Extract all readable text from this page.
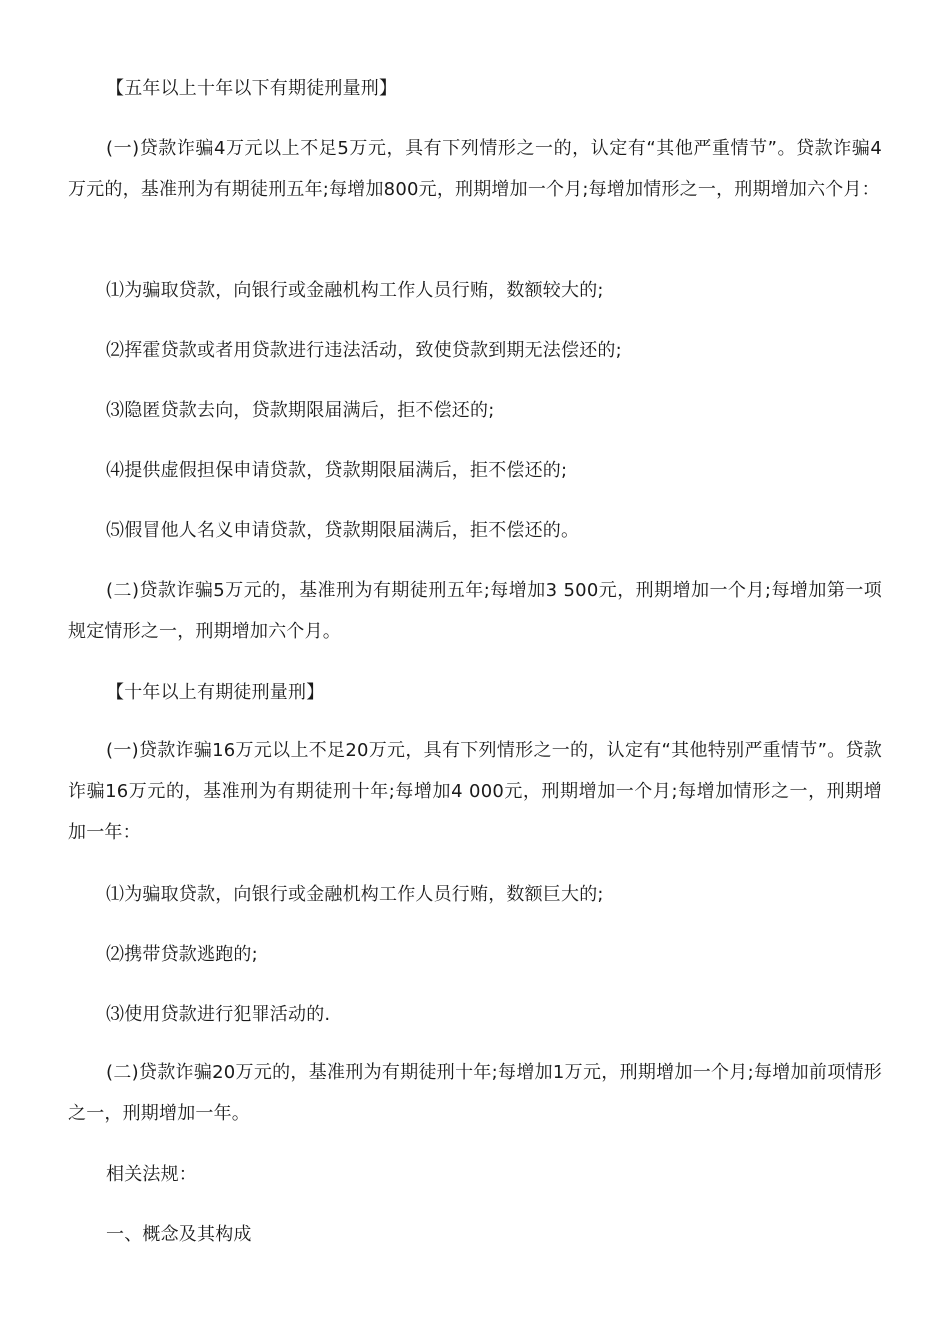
【五年以上十年以下有期徒刑量刑】

(一)贷款诈骗4万元以上不足5万元，具有下列情形之一的，认定有“其他严重情节”。贷款诈骗4万元的，基准刑为有期徒刑五年;每增加800元，刑期增加一个月;每增加情形之一，刑期增加六个月：

⑴为骗取贷款，向银行或金融机构工作人员行贿，数额较大的;

⑵挥霍贷款或者用贷款进行违法活动，致使贷款到期无法偿还的;

⑶隐匿贷款去向，贷款期限届满后，拒不偿还的;

⑷提供虚假担保申请贷款，贷款期限届满后，拒不偿还的;

⑸假冒他人名义申请贷款，贷款期限届满后，拒不偿还的。

(二)贷款诈骗5万元的，基准刑为有期徒刑五年;每增加3 500元，刑期增加一个月;每增加第一项规定情形之一，刑期增加六个月。

【十年以上有期徒刑量刑】

(一)贷款诈骗16万元以上不足20万元，具有下列情形之一的，认定有“其他特别严重情节”。贷款诈骗16万元的，基准刑为有期徒刑十年;每增加4 000元，刑期增加一个月;每增加情形之一，刑期增加一年：

⑴为骗取贷款，向银行或金融机构工作人员行贿，数额巨大的;

⑵携带贷款逃跑的;

⑶使用贷款进行犯罪活动的.

(二)贷款诈骗20万元的，基准刑为有期徒刑十年;每增加1万元，刑期增加一个月;每增加前项情形之一，刑期增加一年。

相关法规：

一、概念及其构成
